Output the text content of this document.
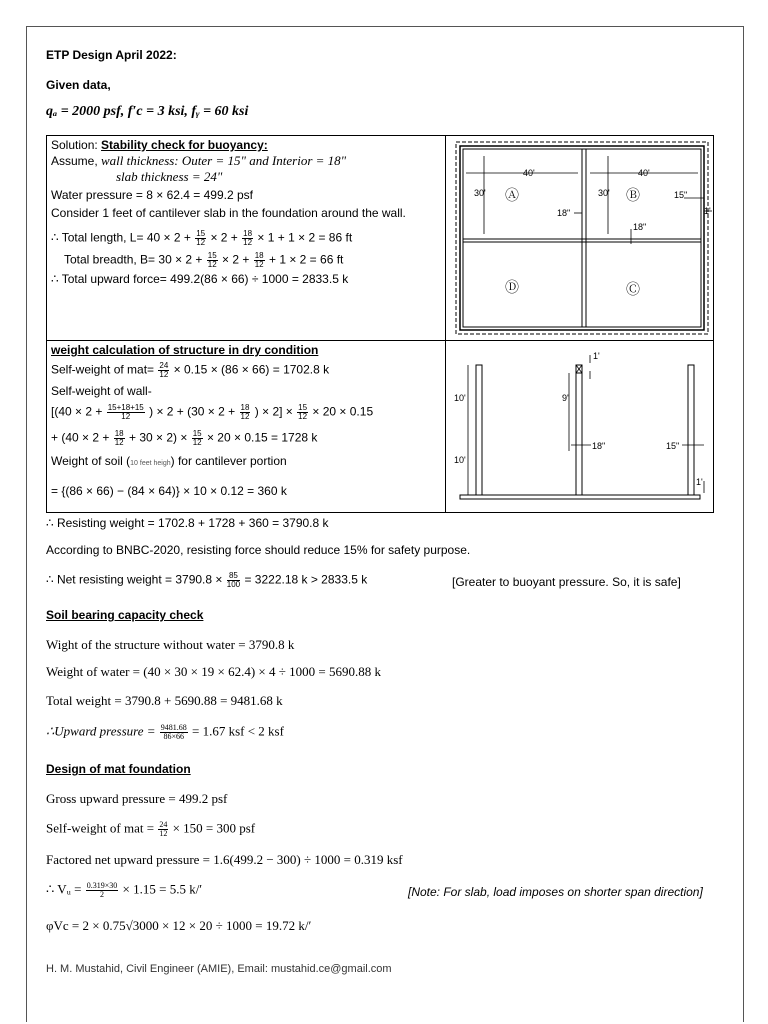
ETP Design April 2022:
Given data,
qₐ = 2000 psf, f′c = 3 ksi, fᵧ = 60 ksi
Solution: Stability check for buoyancy:
Assume, wall thickness: Outer = 15" and Interior = 18"
slab thickness = 24"
Water pressure = 8 × 62.4 = 499.2 psf
Consider 1 feet of cantilever slab in the foundation around the wall.
∴ Total length, $L= 40 \times 2 + \frac{15}{12} \times 2 + \frac{18}{12} \times 1 + 1 \times 2 = 86$ ft
Total breadth, $B= 30 \times 2 + \frac{15}{12} \times 2 + \frac{18}{12} + 1 \times 2 = 66$ ft
∴ Total upward force= 499.2(86 × 66) ÷ 1000 = 2833.5 k
40'	40'
30'	30'	15"
18"
18"
1'
Ⓐ	Ⓑ
Ⓓ	Ⓒ
weight calculation of structure in dry condition
Self-weight of $mat= \frac{24}{12} \times 0.15 \times (86 \times 66) = 1702.8$ k
Self-weight of wall-
[($40 \times 2 + \frac{15+18+15}{12}$ ) × $2 + (30 \times 2 + \frac{18}{12}$ ) × $2] \times \frac{15}{12} \times 20 \times 0.15$
+ $(40 \times 2 + \frac{18}{12} + 30 \times 2) \times \frac{15}{12} \times 20 \times 0.15 = 1728$ k
Weight of soil (10 feet heigh) for cantilever portion
= {(86 × 66) − (84 × 64)} × 10 × 0.12 = 360 k
10'
10'
9'
1'
18"	15"
1'
∴ Resisting weight = 1702.8 + 1728 + 360 = 3790.8 k
According to BNBC-2020, resisting force should reduce 15% for safety purpose.
∴ Net resisting weight = $3790.8 \times \frac{85}{100} = 3222.18$ k > 2833.5 k	[Greater to buoyant pressure. So, it is safe]
Soil bearing capacity check
Wight of the structure without water = 3790.8 k
Weight of water = (40 × 30 × 19 × 62.4) × 4 ÷ 1000 = 5690.88 k
Total weight = 3790.8 + 5690.88 = 9481.68 k
∴Upward pressure = $\frac{9481.68}{86\times 66} = 1.67$ ksf < 2 ksf
Design of mat foundation
Gross upward pressure = 499.2 psf
Self-weight of mat = $\frac{24}{12} \times 150 = 300$ psf
Factored net upward pressure = 1.6(499.2 − 300) ÷ 1000 = 0.319 ksf
∴ Vᵤ = $\frac{0.319\times 30}{2} \times 1.15 = 5.5$ k/′	[Note: For slab, load imposes on shorter span direction]
φVc = 2 × 0.75√3000 × 12 × 20 ÷ 1000 = 19.72 k/′
H. M. Mustahid, Civil Engineer (AMIE), Email: mustahid.ce@gmail.com
